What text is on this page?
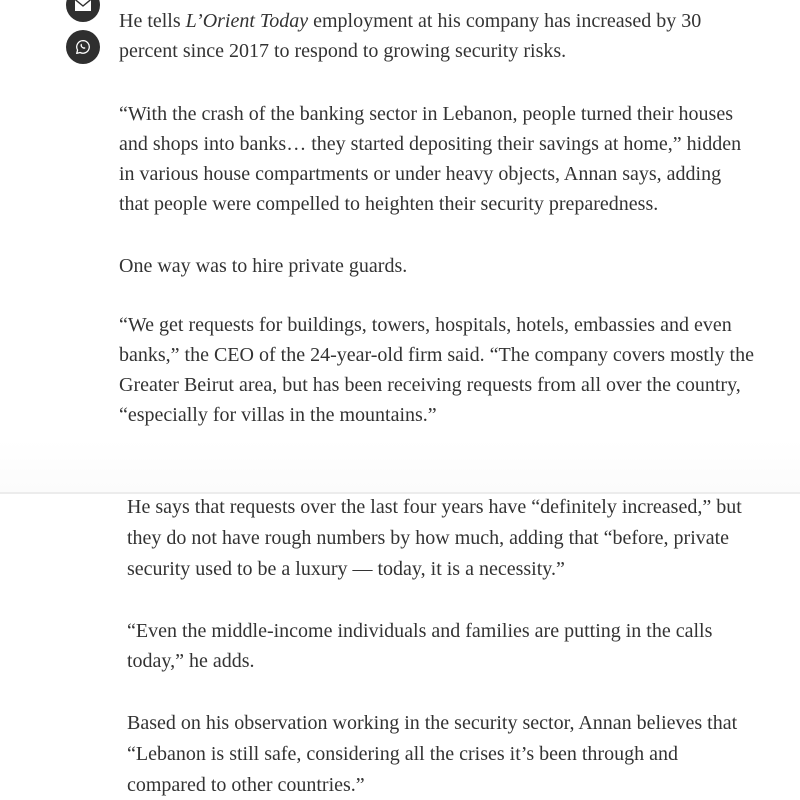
He tells L’Orient Today employment at his company has increased by 30

percent since 2017 to respond to growing security risks.

“With the crash of the banking sector in Lebanon, people turned their houses

and shops into banks… they started depositing their savings at home,” hidden

in various house compartments or under heavy objects, Annan says, adding

that people were compelled to heighten their security preparedness.

One way was to hire private guards.

“We get requests for buildings, towers, hospitals, hotels, embassies and even

banks,” the CEO of the 24-year-old firm said. “The company covers mostly the

Greater Beirut area, but has been receiving requests from all over the country,

“especially for villas in the mountains.”

He says that requests over the last four years have “definitely increased,” but

they do not have rough numbers by how much, adding that “before, private

security used to be a luxury — today, it is a necessity.”

“Even the middle-income individuals and families are putting in the calls

today,” he adds.

Based on his observation working in the security sector, Annan believes that

“Lebanon is still safe, considering all the crises it’s been through and

compared to other countries.”
